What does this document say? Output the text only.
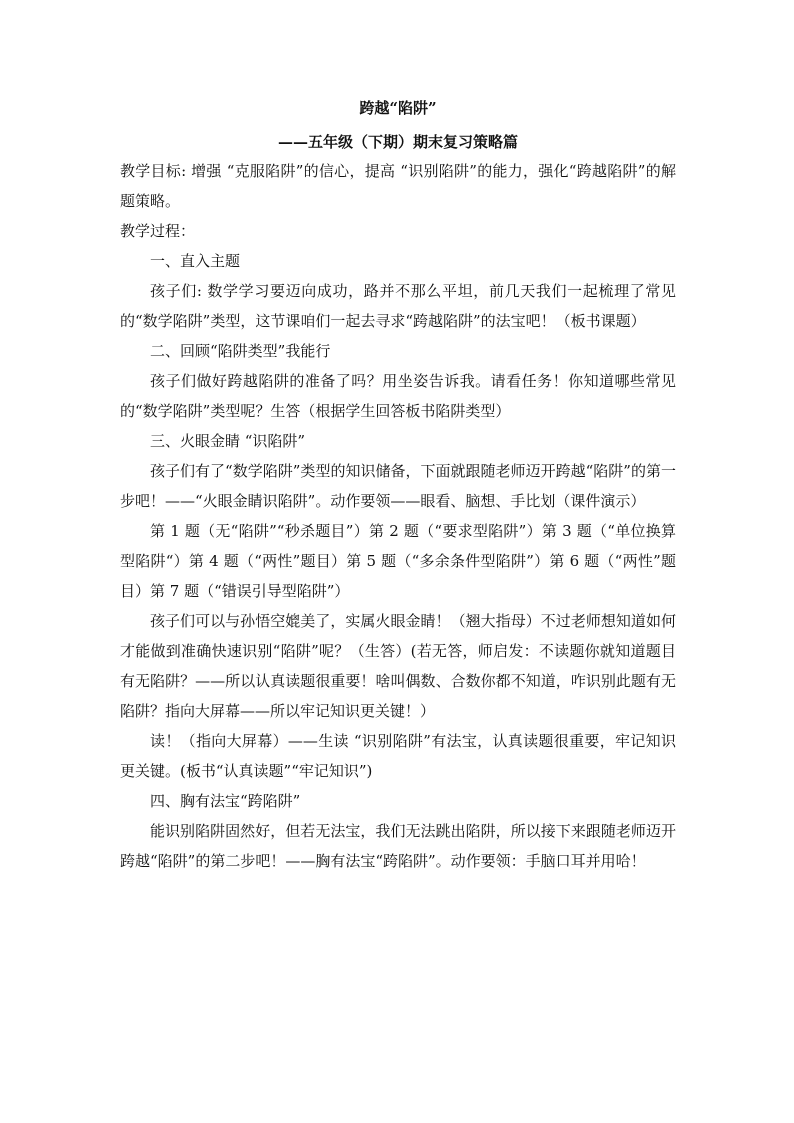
跨越“陷阱”
——五年级（下期）期末复习策略篇

教学目标: 增强 “克服陷阱”的信心，提高 “识别陷阱”的能力，强化“跨越陷阱”的解题策略。

教学过程：

一、直入主题

孩子们: 数学学习要迈向成功，路并不那么平坦，前几天我们一起梳理了常见的“数学陷阱”类型，这节课咱们一起去寻求“跨越陷阱”的法宝吧！（板书课题）

二、回顾“陷阱类型”我能行

孩子们做好跨越陷阱的准备了吗？用坐姿告诉我。请看任务！你知道哪些常见的“数学陷阱”类型呢？生答（根据学生回答板书陷阱类型）

三、火眼金睛 “识陷阱”

孩子们有了“数学陷阱”类型的知识储备，下面就跟随老师迈开跨越“陷阱”的第一步吧！——“火眼金睛识陷阱”。动作要领——眼看、脑想、手比划（课件演示）

第 1 题（无“陷阱”“秒杀题目”）第 2 题（“要求型陷阱”）第 3 题（“单位换算型陷阱“）第 4 题（“两性”题目）第 5 题（“多余条件型陷阱”）第 6 题（“两性”题目）第 7 题（“错误引导型陷阱”）

孩子们可以与孙悟空媲美了，实属火眼金睛！（翘大指母）不过老师想知道如何才能做到准确快速识别“陷阱”呢？（生答）(若无答，师启发：不读题你就知道题目有无陷阱？——所以认真读题很重要！啥叫偶数、合数你都不知道，咋识别此题有无陷阱？指向大屏幕——所以牢记知识更关键！）

读！（指向大屏幕）——生读 “识别陷阱”有法宝，认真读题很重要，牢记知识更关键。(板书“认真读题”“牢记知识”)

四、胸有法宝“跨陷阱”

能识别陷阱固然好，但若无法宝，我们无法跳出陷阱，所以接下来跟随老师迈开跨越“陷阱”的第二步吧！——胸有法宝“跨陷阱”。动作要领：手脑口耳并用哈！
